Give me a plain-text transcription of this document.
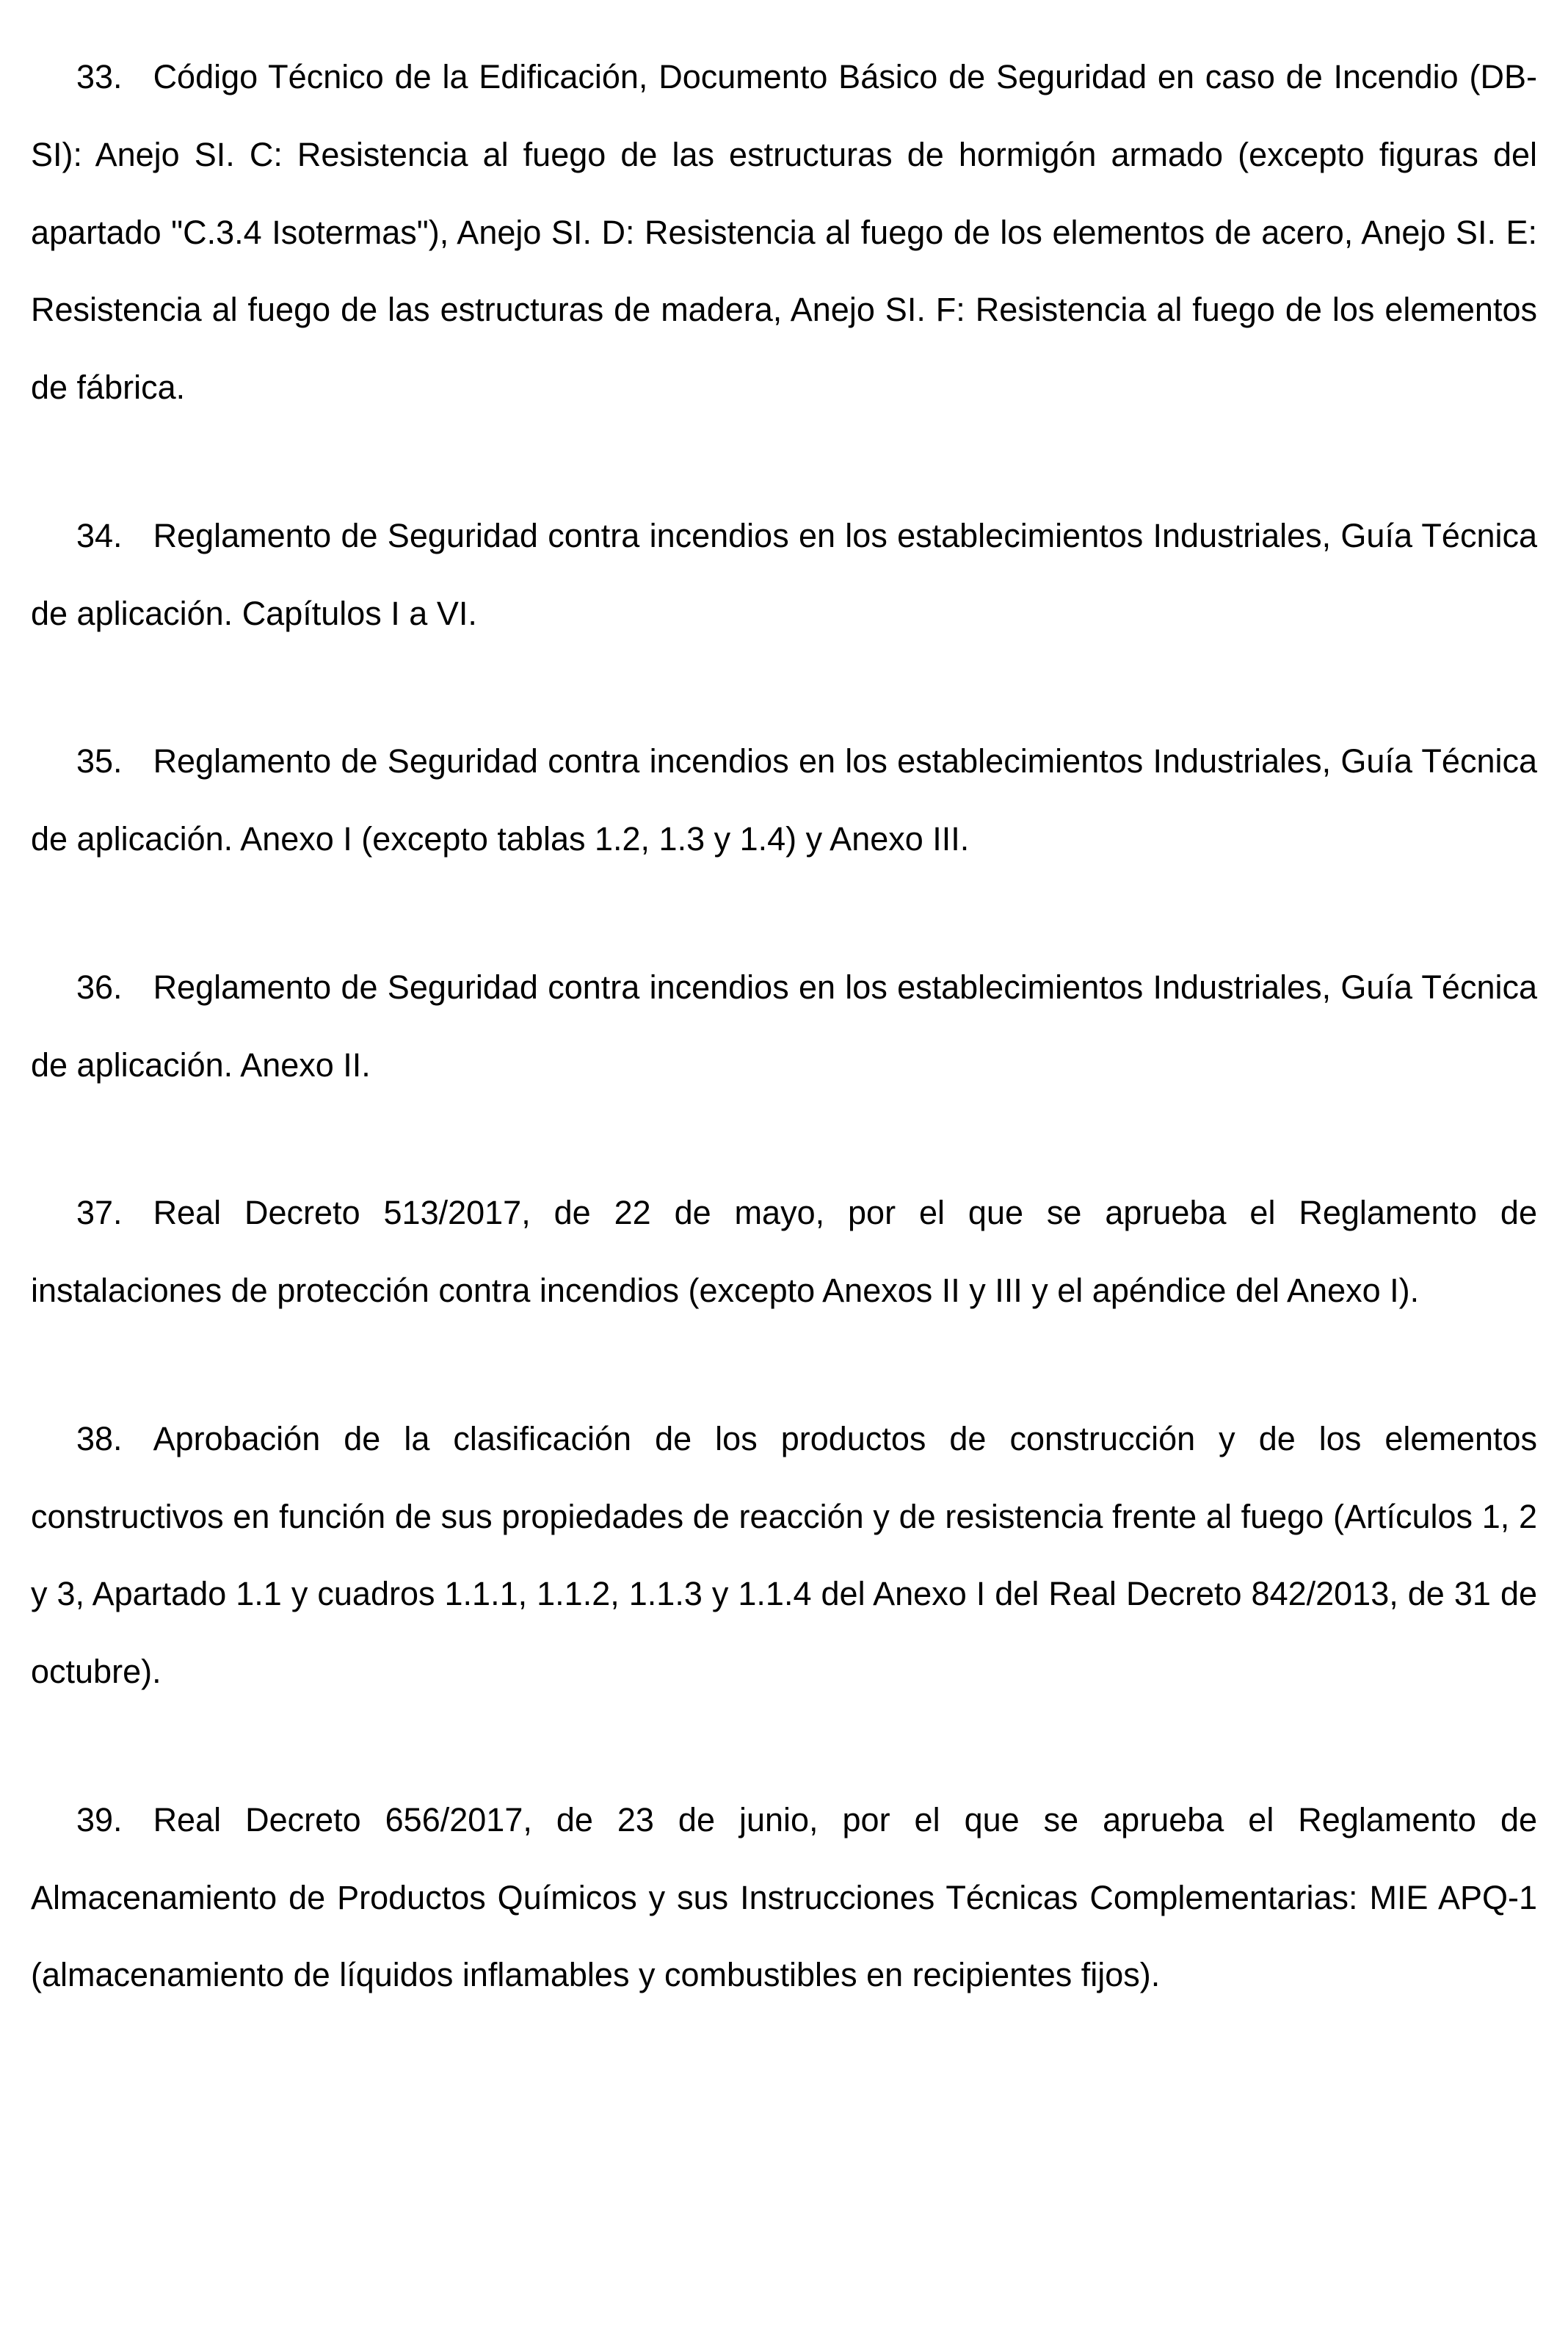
33. Código Técnico de la Edificación, Documento Básico de Seguridad en caso de Incendio (DB-SI): Anejo SI. C: Resistencia al fuego de las estructuras de hormigón armado (excepto figuras del apartado "C.3.4 Isotermas"), Anejo SI. D: Resistencia al fuego de los elementos de acero, Anejo SI. E: Resistencia al fuego de las estructuras de madera, Anejo SI. F: Resistencia al fuego de los elementos de fábrica.

34. Reglamento de Seguridad contra incendios en los establecimientos Industriales, Guía Técnica de aplicación. Capítulos I a VI.

35. Reglamento de Seguridad contra incendios en los establecimientos Industriales, Guía Técnica de aplicación. Anexo I (excepto tablas 1.2, 1.3 y 1.4) y Anexo III.

36. Reglamento de Seguridad contra incendios en los establecimientos Industriales, Guía Técnica de aplicación. Anexo II.

37. Real Decreto 513/2017, de 22 de mayo, por el que se aprueba el Reglamento de instalaciones de protección contra incendios (excepto Anexos II y III y el apéndice del Anexo I).

38. Aprobación de la clasificación de los productos de construcción y de los elementos constructivos en función de sus propiedades de reacción y de resistencia frente al fuego (Artículos 1, 2 y 3, Apartado 1.1 y cuadros 1.1.1, 1.1.2, 1.1.3 y 1.1.4 del Anexo I del Real Decreto 842/2013, de 31 de octubre).

39. Real Decreto 656/2017, de 23 de junio, por el que se aprueba el Reglamento de Almacenamiento de Productos Químicos y sus Instrucciones Técnicas Complementarias: MIE APQ-1 (almacenamiento de líquidos inflamables y combustibles en recipientes fijos).
